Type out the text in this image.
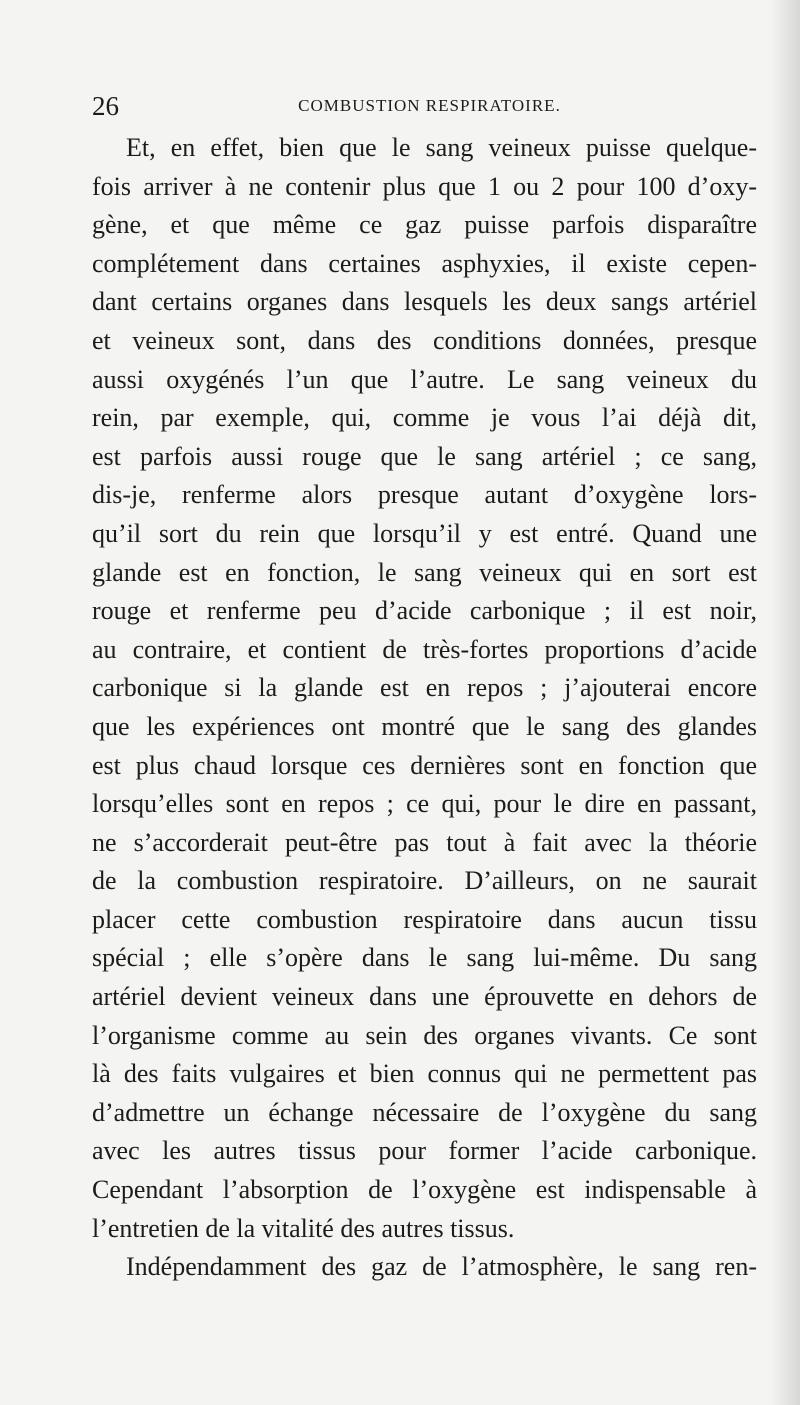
26	COMBUSTION RESPIRATOIRE.
Et, en effet, bien que le sang veineux puisse quelque-
fois arriver à ne contenir plus que 1 ou 2 pour 100 d’oxy-
gène, et que même ce gaz puisse parfois disparaître
complétement dans certaines asphyxies, il existe cepen-
dant certains organes dans lesquels les deux sangs artériel
et veineux sont, dans des conditions données, presque
aussi oxygénés l’un que l’autre. Le sang veineux du
rein, par exemple, qui, comme je vous l’ai déjà dit,
est parfois aussi rouge que le sang artériel ; ce sang,
dis-je, renferme alors presque autant d’oxygène lors-
qu’il sort du rein que lorsqu’il y est entré. Quand une
glande est en fonction, le sang veineux qui en sort est
rouge et renferme peu d’acide carbonique ; il est noir,
au contraire, et contient de très-fortes proportions d’acide
carbonique si la glande est en repos ; j’ajouterai encore
que les expériences ont montré que le sang des glandes
est plus chaud lorsque ces dernières sont en fonction que
lorsqu’elles sont en repos ; ce qui, pour le dire en passant,
ne s’accorderait peut-être pas tout à fait avec la théorie
de la combustion respiratoire. D’ailleurs, on ne saurait
placer cette combustion respiratoire dans aucun tissu
spécial ; elle s’opère dans le sang lui-même. Du sang
artériel devient veineux dans une éprouvette en dehors de
l’organisme comme au sein des organes vivants. Ce sont
là des faits vulgaires et bien connus qui ne permettent pas
d’admettre un échange nécessaire de l’oxygène du sang
avec les autres tissus pour former l’acide carbonique.
Cependant l’absorption de l’oxygène est indispensable à
l’entretien de la vitalité des autres tissus.
Indépendamment des gaz de l’atmosphère, le sang ren-
